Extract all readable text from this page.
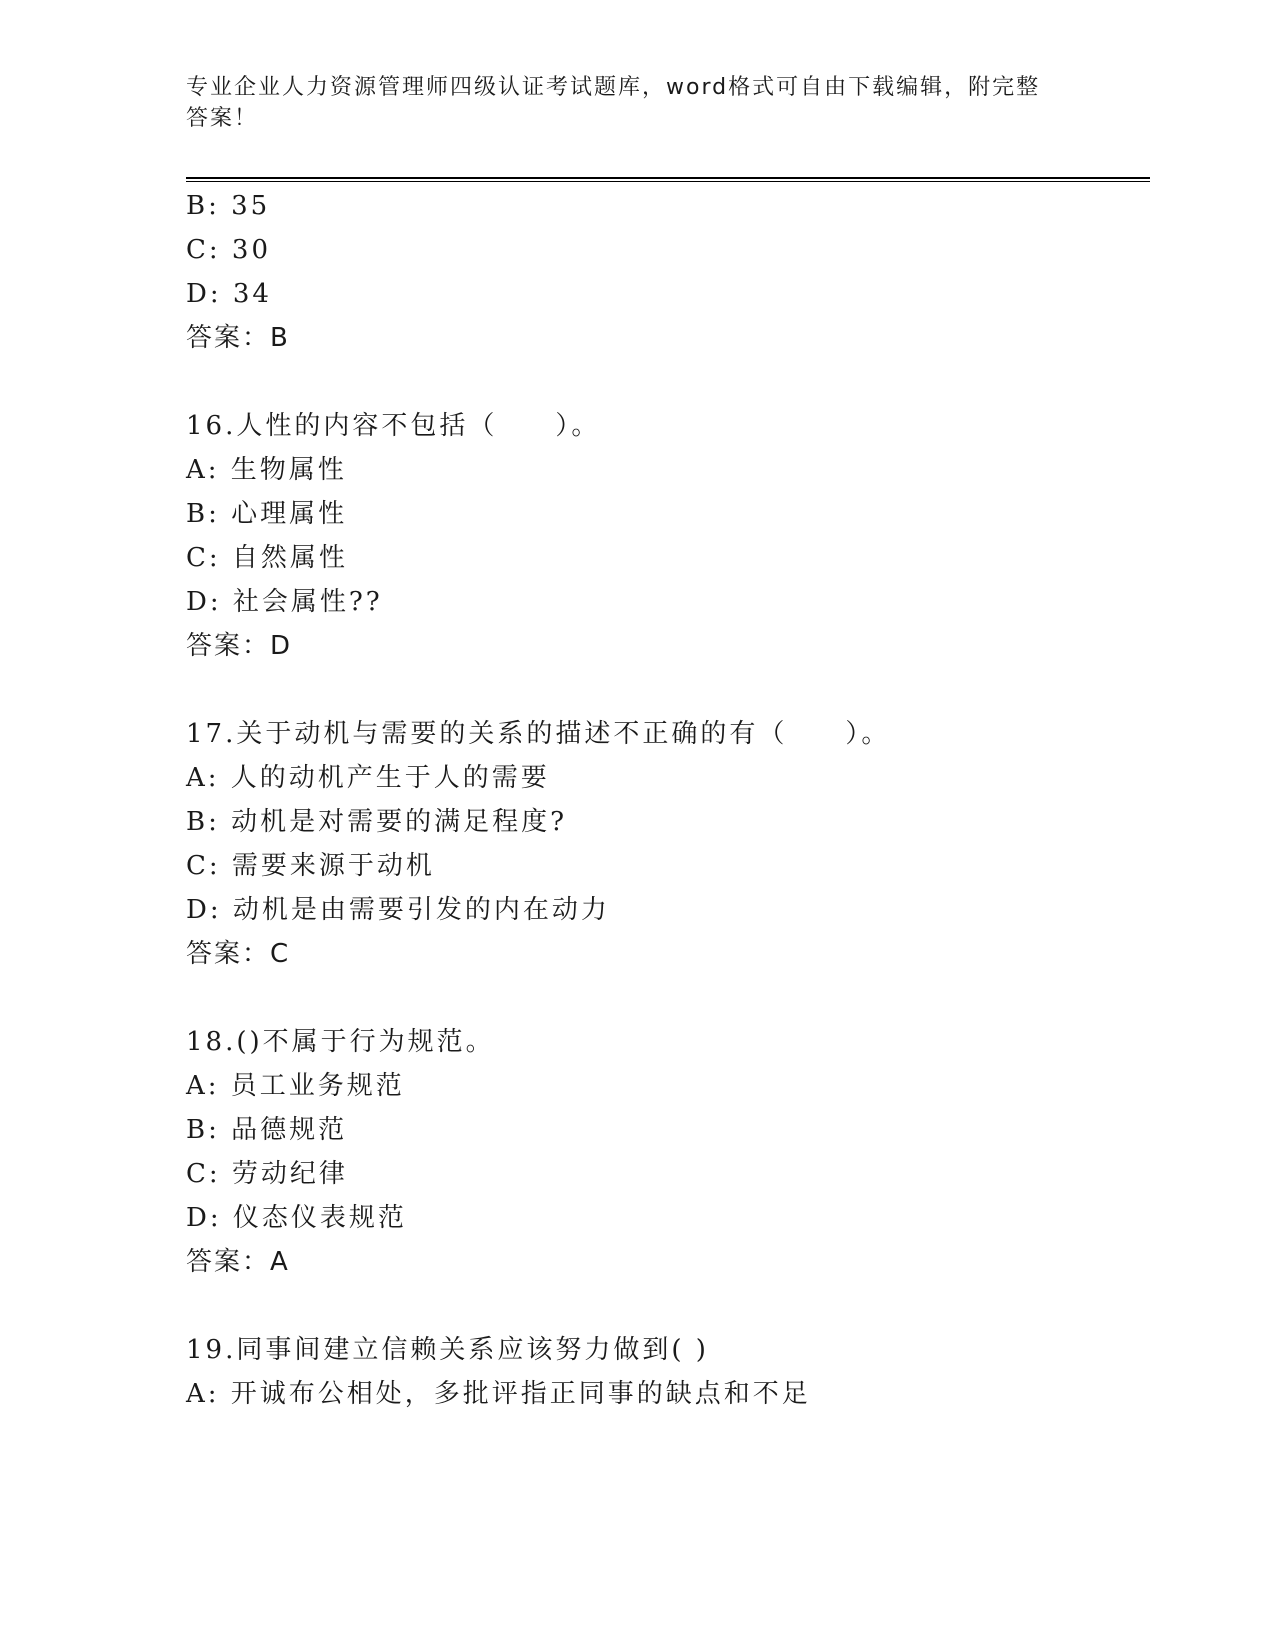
专业企业人力资源管理师四级认证考试题库，word格式可自由下载编辑，附完整
答案！
B: 35
C: 30
D: 34
答案：B
16.人性的内容不包括（　　）。
A: 生物属性
B: 心理属性
C: 自然属性
D: 社会属性??
答案：D
17.关于动机与需要的关系的描述不正确的有（　　）。
A: 人的动机产生于人的需要
B: 动机是对需要的满足程度?
C: 需要来源于动机
D: 动机是由需要引发的内在动力
答案：C
18.()不属于行为规范。
A: 员工业务规范
B: 品德规范
C: 劳动纪律
D: 仪态仪表规范
答案：A
19.同事间建立信赖关系应该努力做到( )
A: 开诚布公相处，多批评指正同事的缺点和不足
